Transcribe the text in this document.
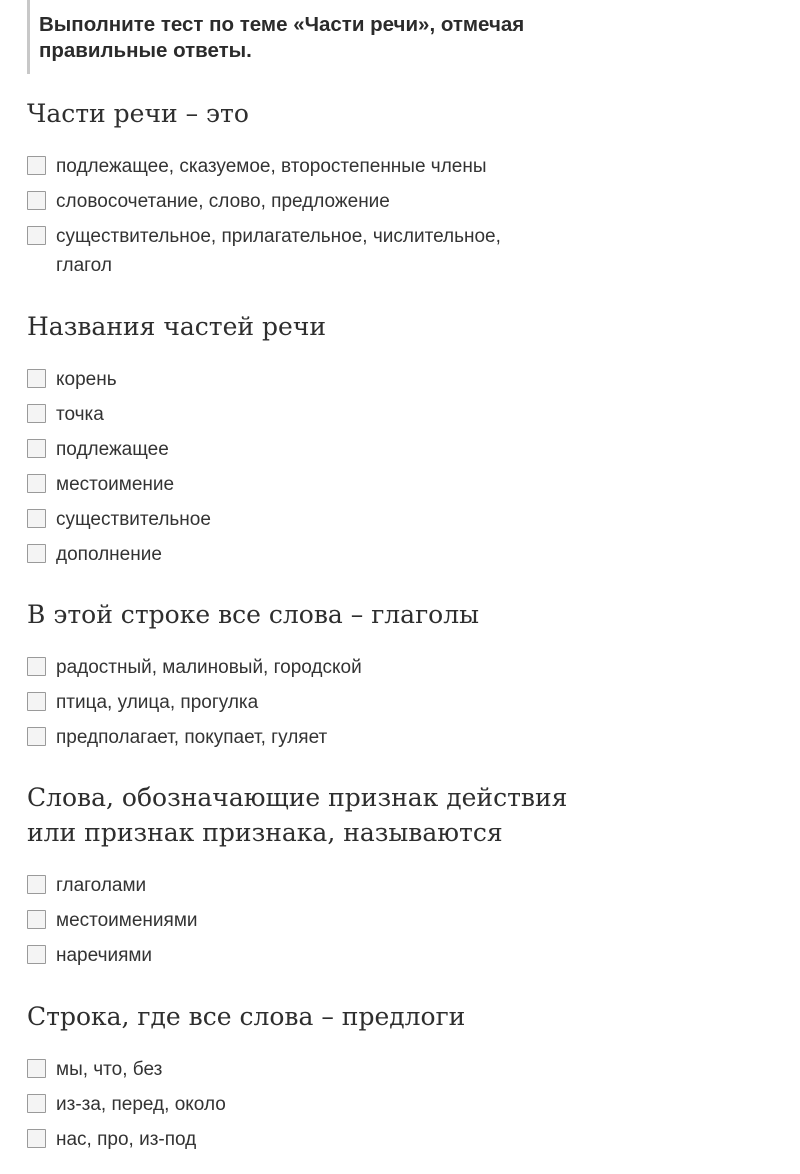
Выполните тест по теме «Части речи», отмечая правильные ответы.

Части речи – это
подлежащее, сказуемое, второстепенные члены
словосочетание, слово, предложение
существительное, прилагательное, числительное, глагол
Названия частей речи
корень
точка
подлежащее
местоимение
существительное
дополнение
В этой строке все слова – глаголы
радостный, малиновый, городской
птица, улица, прогулка
предполагает, покупает, гуляет
Слова, обозначающие признак действия или признак признака, называются
глаголами
местоимениями
наречиями
Строка, где все слова – предлоги
мы, что, без
из-за, перед, около
нас, про, из-под
